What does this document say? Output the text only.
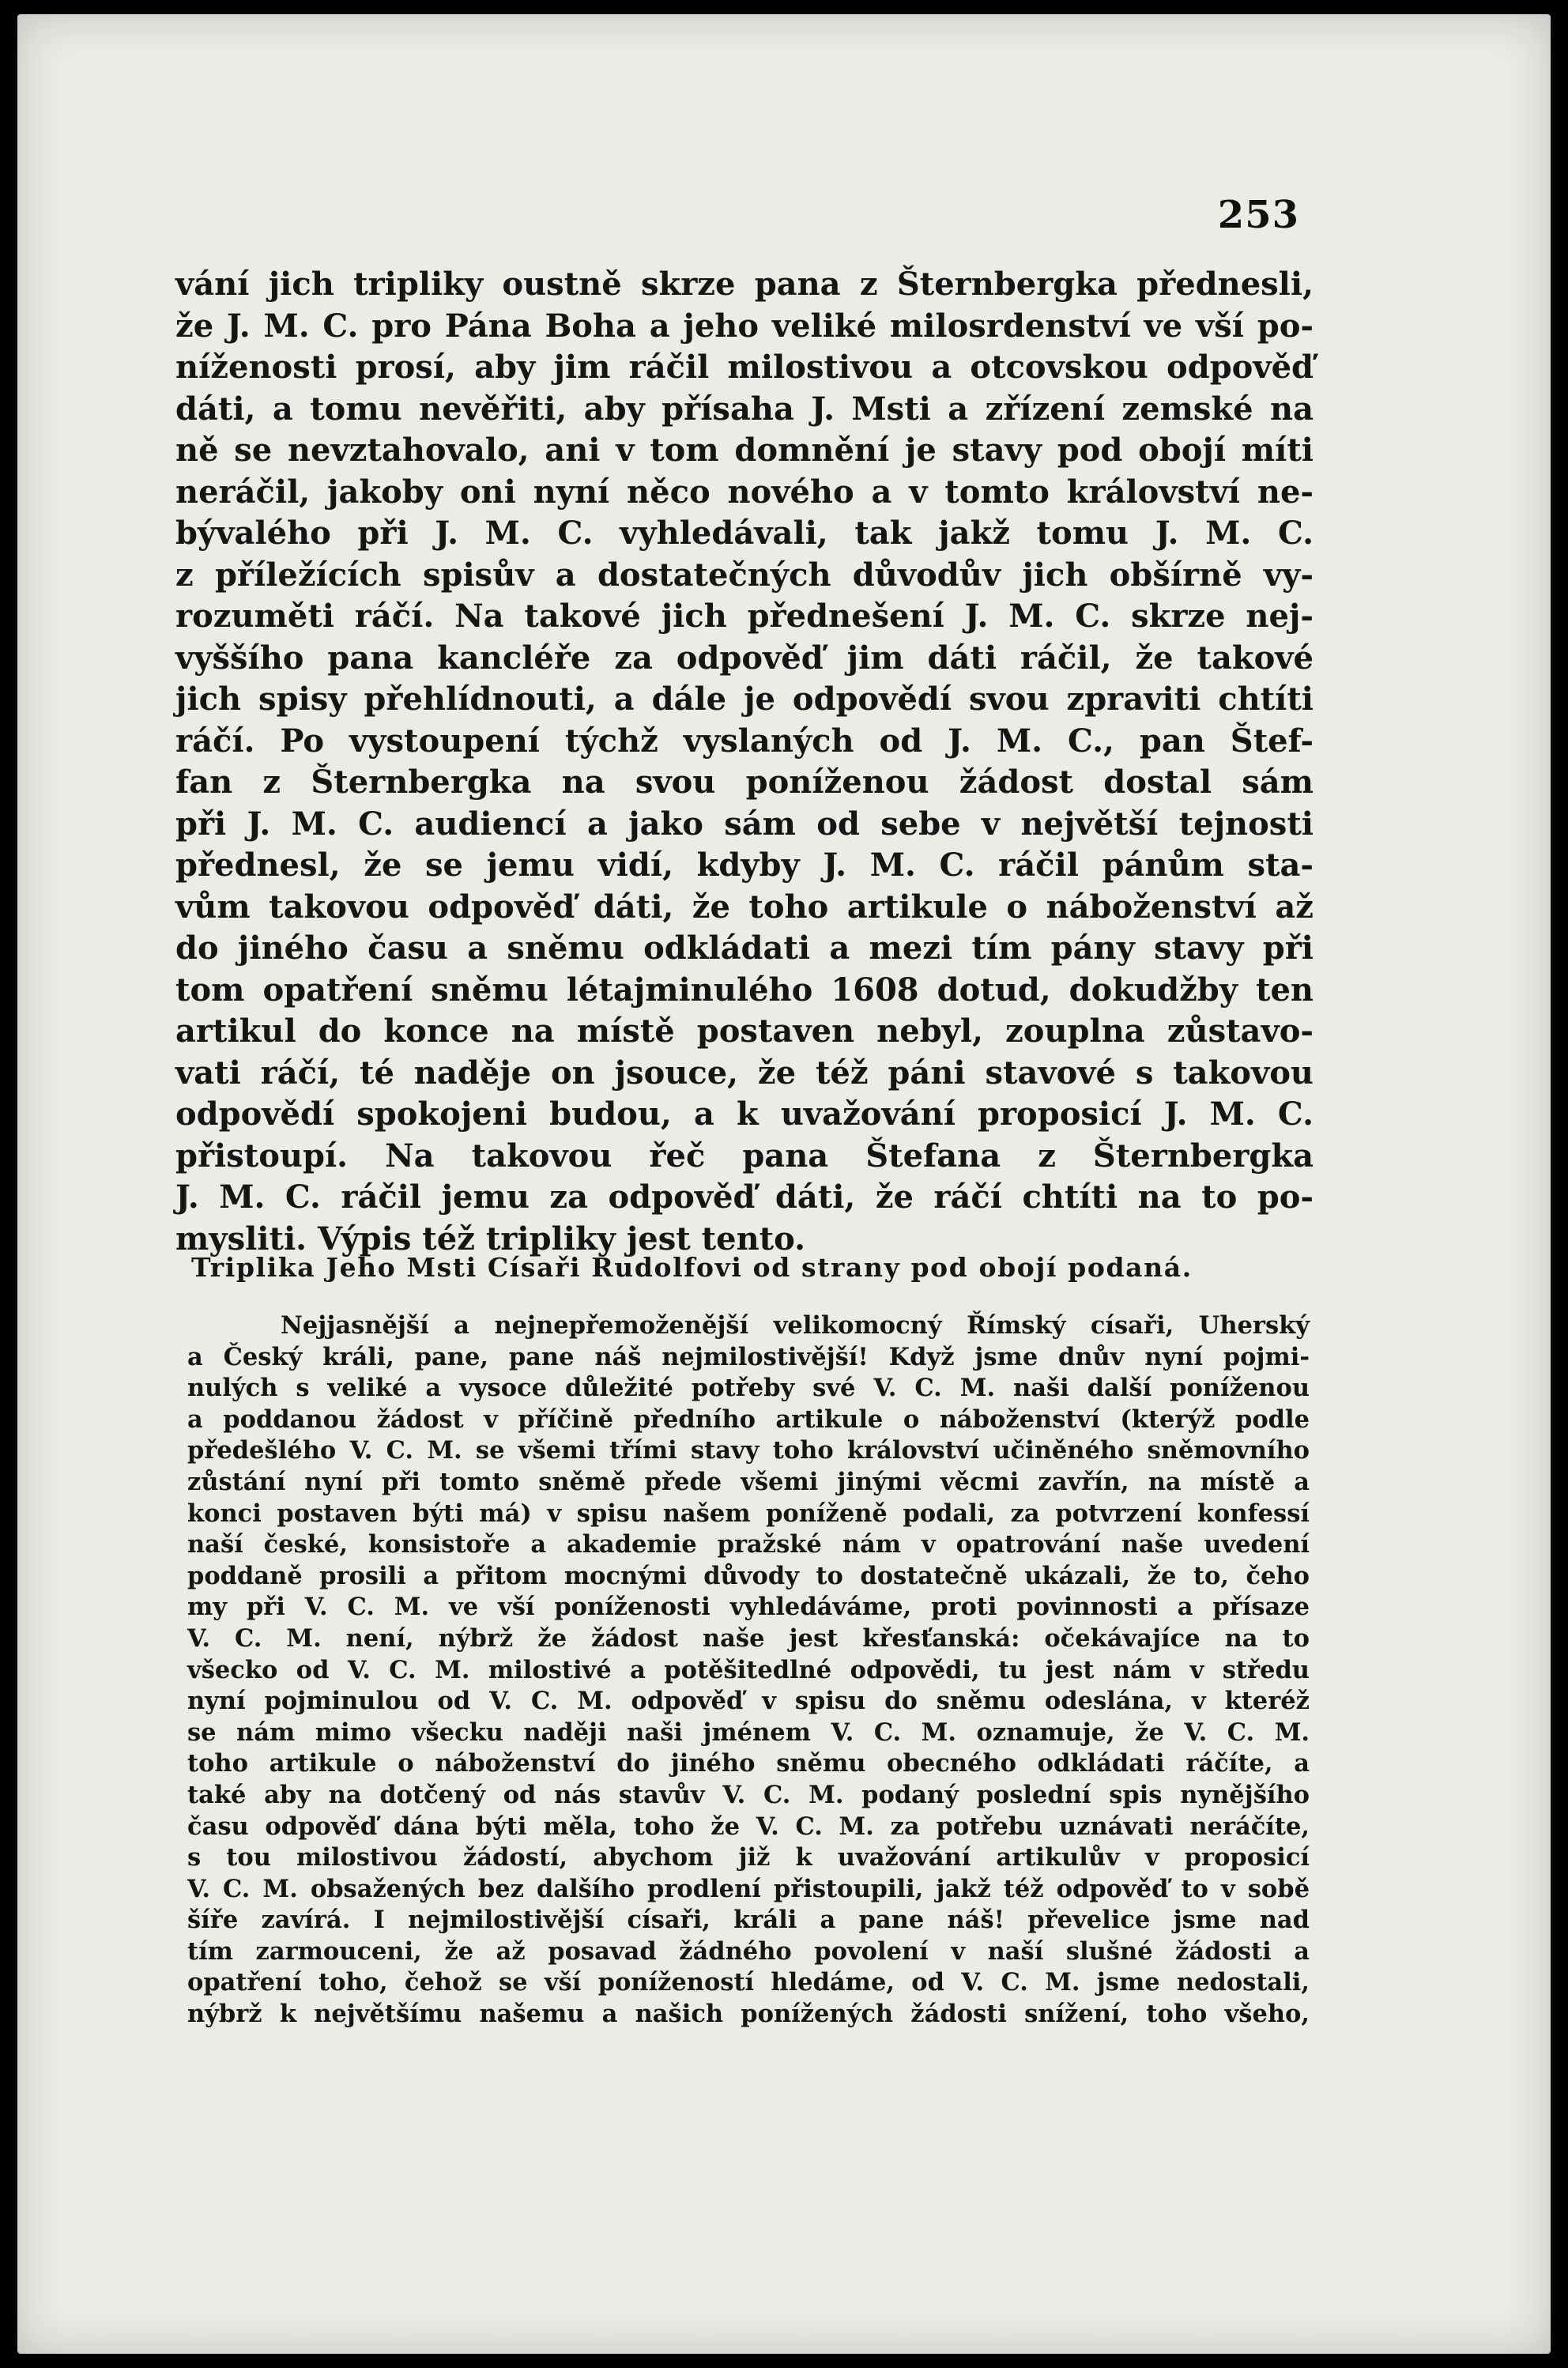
253
vání jich tripliky oustně skrze pana z Šternbergka přednesli,
že J. M. C. pro Pána Boha a jeho veliké milosrdenství ve vší po-
níženosti prosí, aby jim ráčil milostivou a otcovskou odpověď
dáti, a tomu nevěřiti, aby přísaha J. Msti a zřízení zemské na
ně se nevztahovalo, ani v tom domnění je stavy pod obojí míti
neráčil, jakoby oni nyní něco nového a v tomto království ne-
bývalého při J. M. C. vyhledávali, tak jakž tomu J. M. C.
z příležících spisův a dostatečných důvodův jich obšírně vy-
rozuměti ráčí. Na takové jich přednešení J. M. C. skrze nej-
vyššího pana kancléře za odpověď jim dáti ráčil, že takové
jich spisy přehlídnouti, a dále je odpovědí svou zpraviti chtíti
ráčí. Po vystoupení týchž vyslaných od J. M. C., pan Štef-
fan z Šternbergka na svou poníženou žádost dostal sám
při J. M. C. audiencí a jako sám od sebe v největší tejnosti
přednesl, že se jemu vidí, kdyby J. M. C. ráčil pánům sta-
vům takovou odpověď dáti, že toho artikule o náboženství až
do jiného času a sněmu odkládati a mezi tím pány stavy při
tom opatření sněmu létajminulého 1608 dotud, dokudžby ten
artikul do konce na místě postaven nebyl, zouplna zůstavo-
vati ráčí, té naděje on jsouce, že též páni stavové s takovou
odpovědí spokojeni budou, a k uvažování proposicí J. M. C.
přistoupí. Na takovou řeč pana Štefana z Šternbergka
J. M. C. ráčil jemu za odpověď dáti, že ráčí chtíti na to po-
mysliti. Výpis též tripliky jest tento.
Triplika Jeho Msti Císaři Rudolfovi od strany pod obojí podaná.
Nejjasnější a nejnepřemoženější velikomocný Římský císaři, Uherský
a Český králi, pane, pane náš nejmilostivější! Když jsme dnův nyní pojmi-
nulých s veliké a vysoce důležité potřeby své V. C. M. naši další poníženou
a poddanou žádost v příčině předního artikule o náboženství (kterýž podle
předešlého V. C. M. se všemi třími stavy toho království učiněného sněmovního
zůstání nyní při tomto sněmě přede všemi jinými věcmi zavřín, na místě a
konci postaven býti má) v spisu našem poníženě podali, za potvrzení konfessí
naší české, konsistoře a akademie pražské nám v opatrování naše uvedení
poddaně prosili a přitom mocnými důvody to dostatečně ukázali, že to, čeho
my při V. C. M. ve vší poníženosti vyhledáváme, proti povinnosti a přísaze
V. C. M. není, nýbrž že žádost naše jest křesťanská: očekávajíce na to
všecko od V. C. M. milostivé a potěšitedlné odpovědi, tu jest nám v středu
nyní pojminulou od V. C. M. odpověď v spisu do sněmu odeslána, v kteréž
se nám mimo všecku naději naši jménem V. C. M. oznamuje, že V. C. M.
toho artikule o náboženství do jiného sněmu obecného odkládati ráčíte, a
také aby na dotčený od nás stavův V. C. M. podaný poslední spis nynějšího
času odpověď dána býti měla, toho že V. C. M. za potřebu uznávati neráčíte,
s tou milostivou žádostí, abychom již k uvažování artikulův v proposicí
V. C. M. obsažených bez dalšího prodlení přistoupili, jakž též odpověď to v sobě
šíře zavírá. I nejmilostivější císaři, králi a pane náš! převelice jsme nad
tím zarmouceni, že až posavad žádného povolení v naší slušné žádosti a
opatření toho, čehož se vší ponížeností hledáme, od V. C. M. jsme nedostali,
nýbrž k největšímu našemu a našich ponížených žádosti snížení, toho všeho,
